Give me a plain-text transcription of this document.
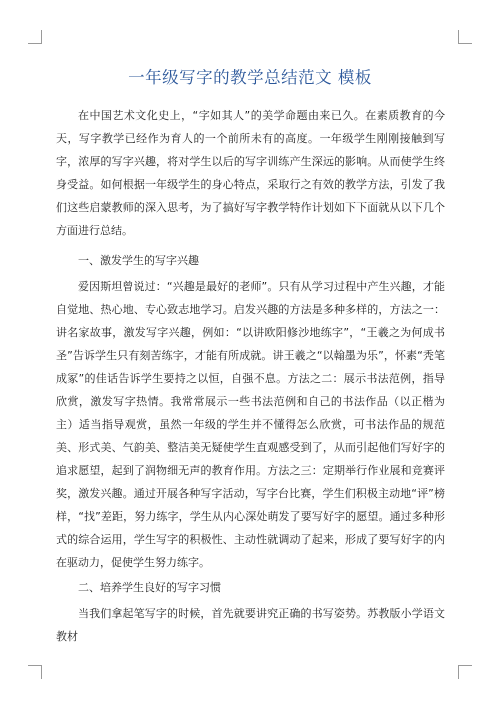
一年级写字的教学总结范文 模板

在中国艺术文化史上，“字如其人”的美学命题由来已久。在素质教育的今天，写字教学已经作为育人的一个前所未有的高度。一年级学生刚刚接触到写字，浓厚的写字兴趣，将对学生以后的写字训练产生深远的影响。从而使学生终身受益。如何根据一年级学生的身心特点，采取行之有效的教学方法，引发了我们这些启蒙教师的深入思考，为了搞好写字教学特作计划如下下面就从以下几个方面进行总结。

一、激发学生的写字兴趣

爱因斯坦曾说过：“兴趣是最好的老师”。只有从学习过程中产生兴趣，才能自觉地、热心地、专心致志地学习。启发兴趣的方法是多种多样的，方法之一：讲名家故事，激发写字兴趣，例如：“以讲欧阳修沙地练字”，“王羲之为何成书圣”告诉学生只有刻苦练字，才能有所成就。讲王羲之“以翰墨为乐”，怀素“秃笔成冢”的佳话告诉学生要持之以恒，自强不息。方法之二：展示书法范例，指导欣赏，激发写字热情。我常常展示一些书法范例和自己的书法作品（以正楷为主）适当指导观赏，虽然一年级的学生并不懂得怎么欣赏，可书法作品的规范美、形式美、气韵美、整洁美无疑使学生直观感受到了，从而引起他们写好字的追求愿望，起到了润物细无声的教育作用。方法之三：定期举行作业展和竞赛评奖，激发兴趣。通过开展各种写字活动，写字台比赛，学生们积极主动地“评”榜样，“找”差距，努力练字，学生从内心深处萌发了要写好字的愿望。通过多种形式的综合运用，学生写字的积极性、主动性就调动了起来，形成了要写好字的内在驱动力，促使学生努力练字。

二、培养学生良好的写字习惯

当我们拿起笔写字的时候，首先就要讲究正确的书写姿势。苏教版小学语文教材
